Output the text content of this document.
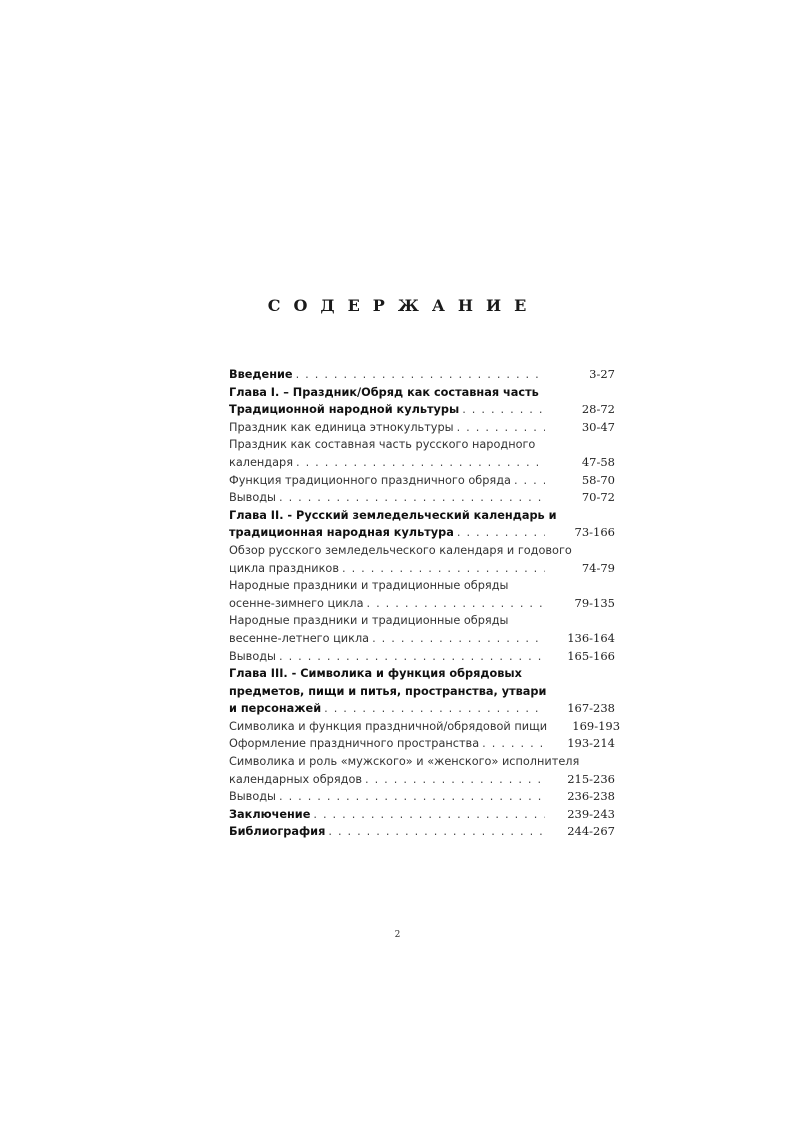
СОДЕРЖАНИЕ
Введение . . .	3-27
Глава I. – Праздник/Обряд как составная часть
Традиционной народной культуры . . .	28-72
Праздник как единица этнокультуры . . .	30-47
Праздник как составная часть русского народного
календаря . . .	47-58
Функция традиционного праздничного обряда . . .	58-70
Выводы . . .	70-72
Глава II. - Русский земледельческий календарь и
традиционная народная культура . . .	73-166
Обзор русского земледельческого календаря и годового
цикла праздников . . .	74-79
Народные праздники и традиционные обряды
осенне-зимнего цикла . . .	79-135
Народные праздники и традиционные обряды
весенне-летнего цикла . . .	136-164
Выводы . . .	165-166
Глава III. - Символика и функция обрядовых
предметов, пищи и питья, пространства, утвари
и персонажей . . .	167-238
Символика и функция праздничной/обрядовой пищи	169-193
Оформление праздничного пространства . . .	193-214
Символика и роль «мужского» и «женского» исполнителя
календарных обрядов . . .	215-236
Выводы . . .	236-238
Заключение . . .	239-243
Библиография . . .	244-267
2
